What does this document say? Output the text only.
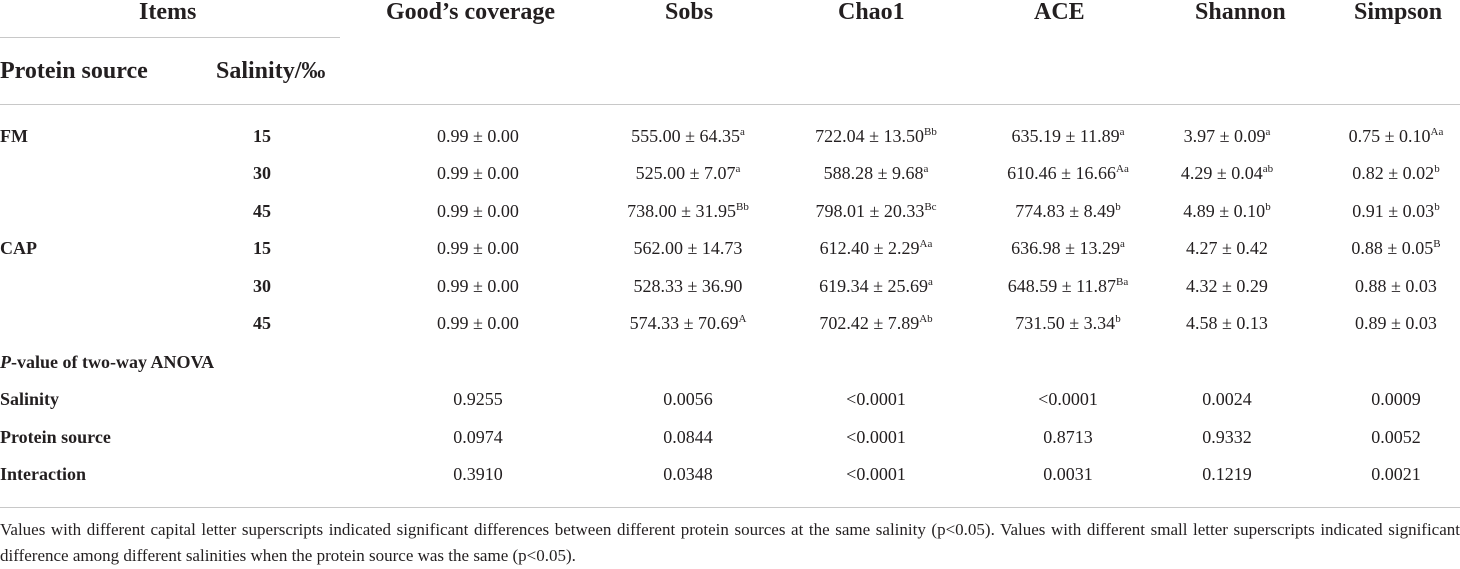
Items
Protein source	Salinity/‰
Good’s coverage	Sobs	Chao1	ACE	Shannon	Simpson
FM	15	0.99 ± 0.00	555.00 ± 64.35$^a$	$722.04 \pm 13.50^{Bb}$	635.19 ± 11.89$^a$	3.97 ± 0.09$^a$	$0.75 \pm 0.10^{Aa}$
30	0.99 ± 0.00	525.00 ± 7.07$^a$	588.28 ± 9.68$^a$	$610.46 \pm 16.66^{Aa}$	4.29 ± 0.04$^{ab}$	0.82 ± 0.02$^b$
45	0.99 ± 0.00	$738.00 \pm 31.95^{Bb}$	$798.01 \pm 20.33^{Bc}$	774.83 ± 8.49$^b$	4.89 ± 0.10$^b$	0.91 ± 0.03$^b$
CAP	15	0.99 ± 0.00	562.00 ± 14.73	$612.40 \pm 2.29^{Aa}$	636.98 ± 13.29$^a$	4.27 ± 0.42	$0.88 \pm 0.05^B$
30	0.99 ± 0.00	528.33 ± 36.90	619.34 ± 25.69$^a$	$648.59 \pm 11.87^{Ba}$	4.32 ± 0.29	0.88 ± 0.03
45	0.99 ± 0.00	$574.33 \pm 70.69^A$	$702.42 \pm 7.89^{Ab}$	731.50 ± 3.34$^b$	4.58 ± 0.13	0.89 ± 0.03
P-value of two-way ANOVA
Salinity	0.9255	0.0056	<0.0001	<0.0001	0.0024	0.0009
Protein source	0.0974	0.0844	<0.0001	0.8713	0.9332	0.0052
Interaction	0.3910	0.0348	<0.0001	0.0031	0.1219	0.0021
Values with different capital letter superscripts indicated significant differences between different protein sources at the same salinity (p<0.05). Values with different small letter superscripts indicated significant difference among different salinities when the protein source was the same (p<0.05).
